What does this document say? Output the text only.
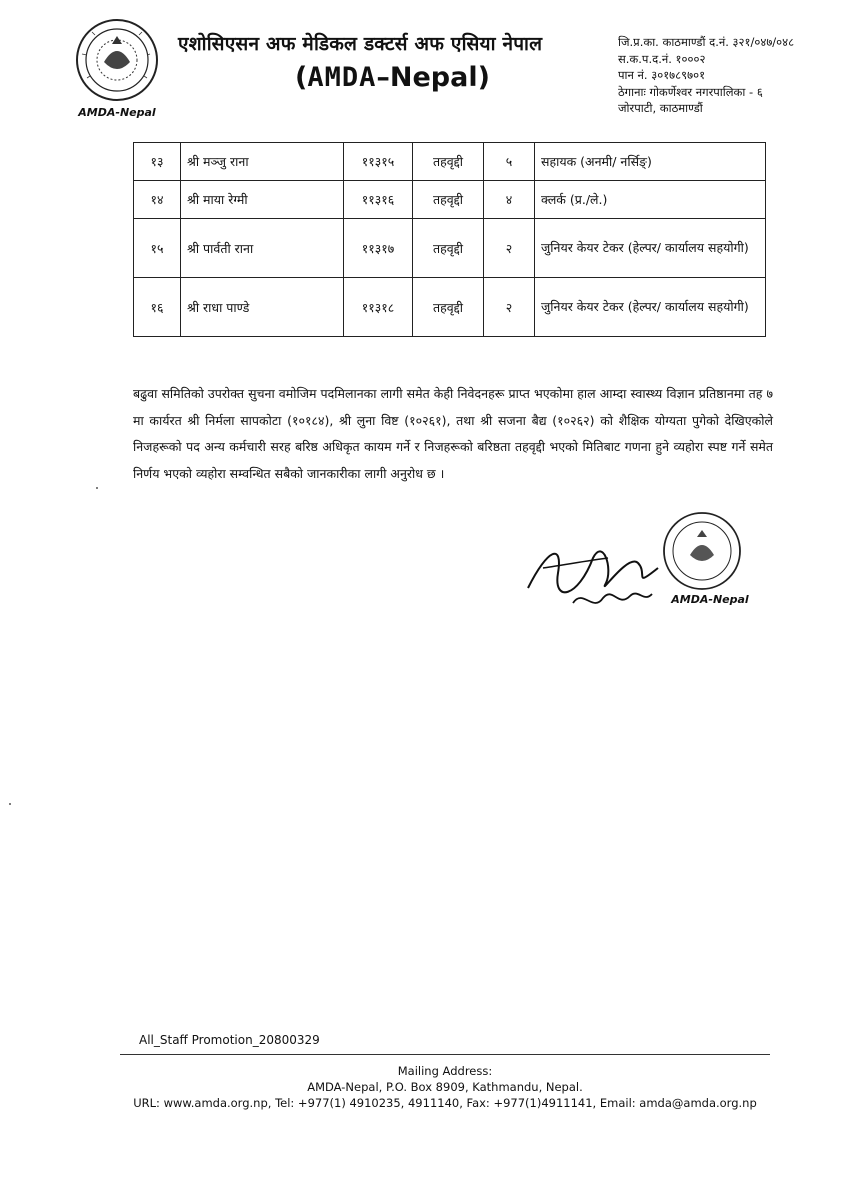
AMDA-Nepal
एशोसिएसन अफ मेडिकल डक्टर्स अफ एसिया नेपाल
(AMDA–Nepal)
जि.प्र.का. काठमाण्डौं द.नं. ३२१/०४७/०४८
स.क.प.द.नं. १०००२
पान नं. ३०१७८९७०१
ठेगानाः गोकर्णेश्वर नगरपालिका - ६
जोरपाटी, काठमाण्डौं
१३	श्री मञ्जु राना	११३१५	तहवृद्दी	५	सहायक (अनमी/ नर्सिङ्)
१४	श्री माया रेग्मी	११३१६	तहवृद्दी	४	क्लर्क (प्र./ले.)
१५	श्री पार्वती राना	११३१७	तहवृद्दी	२	जुनियर केयर टेकर (हेल्पर/ कार्यालय सहयोगी)
१६	श्री राधा पाण्डे	११३१८	तहवृद्दी	२	जुनियर केयर टेकर (हेल्पर/ कार्यालय सहयोगी)

बढुवा समितिको उपरोक्त सुचना वमोजिम पदमिलानका लागी समेत केही निवेदनहरू प्राप्त भएकोमा हाल आम्दा स्वास्थ्य विज्ञान प्रतिष्ठानमा तह ७ मा कार्यरत श्री निर्मला सापकोटा (१०१८४), श्री लुना विष्ट (१०२६१), तथा श्री सजना बैद्य (१०२६२) को शैक्षिक योग्यता पुगेको देखिएकोले निजहरूको पद अन्य कर्मचारी सरह बरिष्ठ अधिकृत कायम गर्ने र निजहरूको बरिष्ठता तहवृद्दी भएको मितिबाट गणना हुने व्यहोरा स्पष्ट गर्ने समेत निर्णय भएको व्यहोरा सम्वन्धित सबैको जानकारीका लागी अनुरोध छ ।

AMDA-Nepal
All_Staff Promotion_20800329
Mailing Address:
AMDA-Nepal, P.O. Box 8909, Kathmandu, Nepal.
URL: www.amda.org.np, Tel: +977(1) 4910235, 4911140, Fax: +977(1)4911141, Email: amda@amda.org.np
